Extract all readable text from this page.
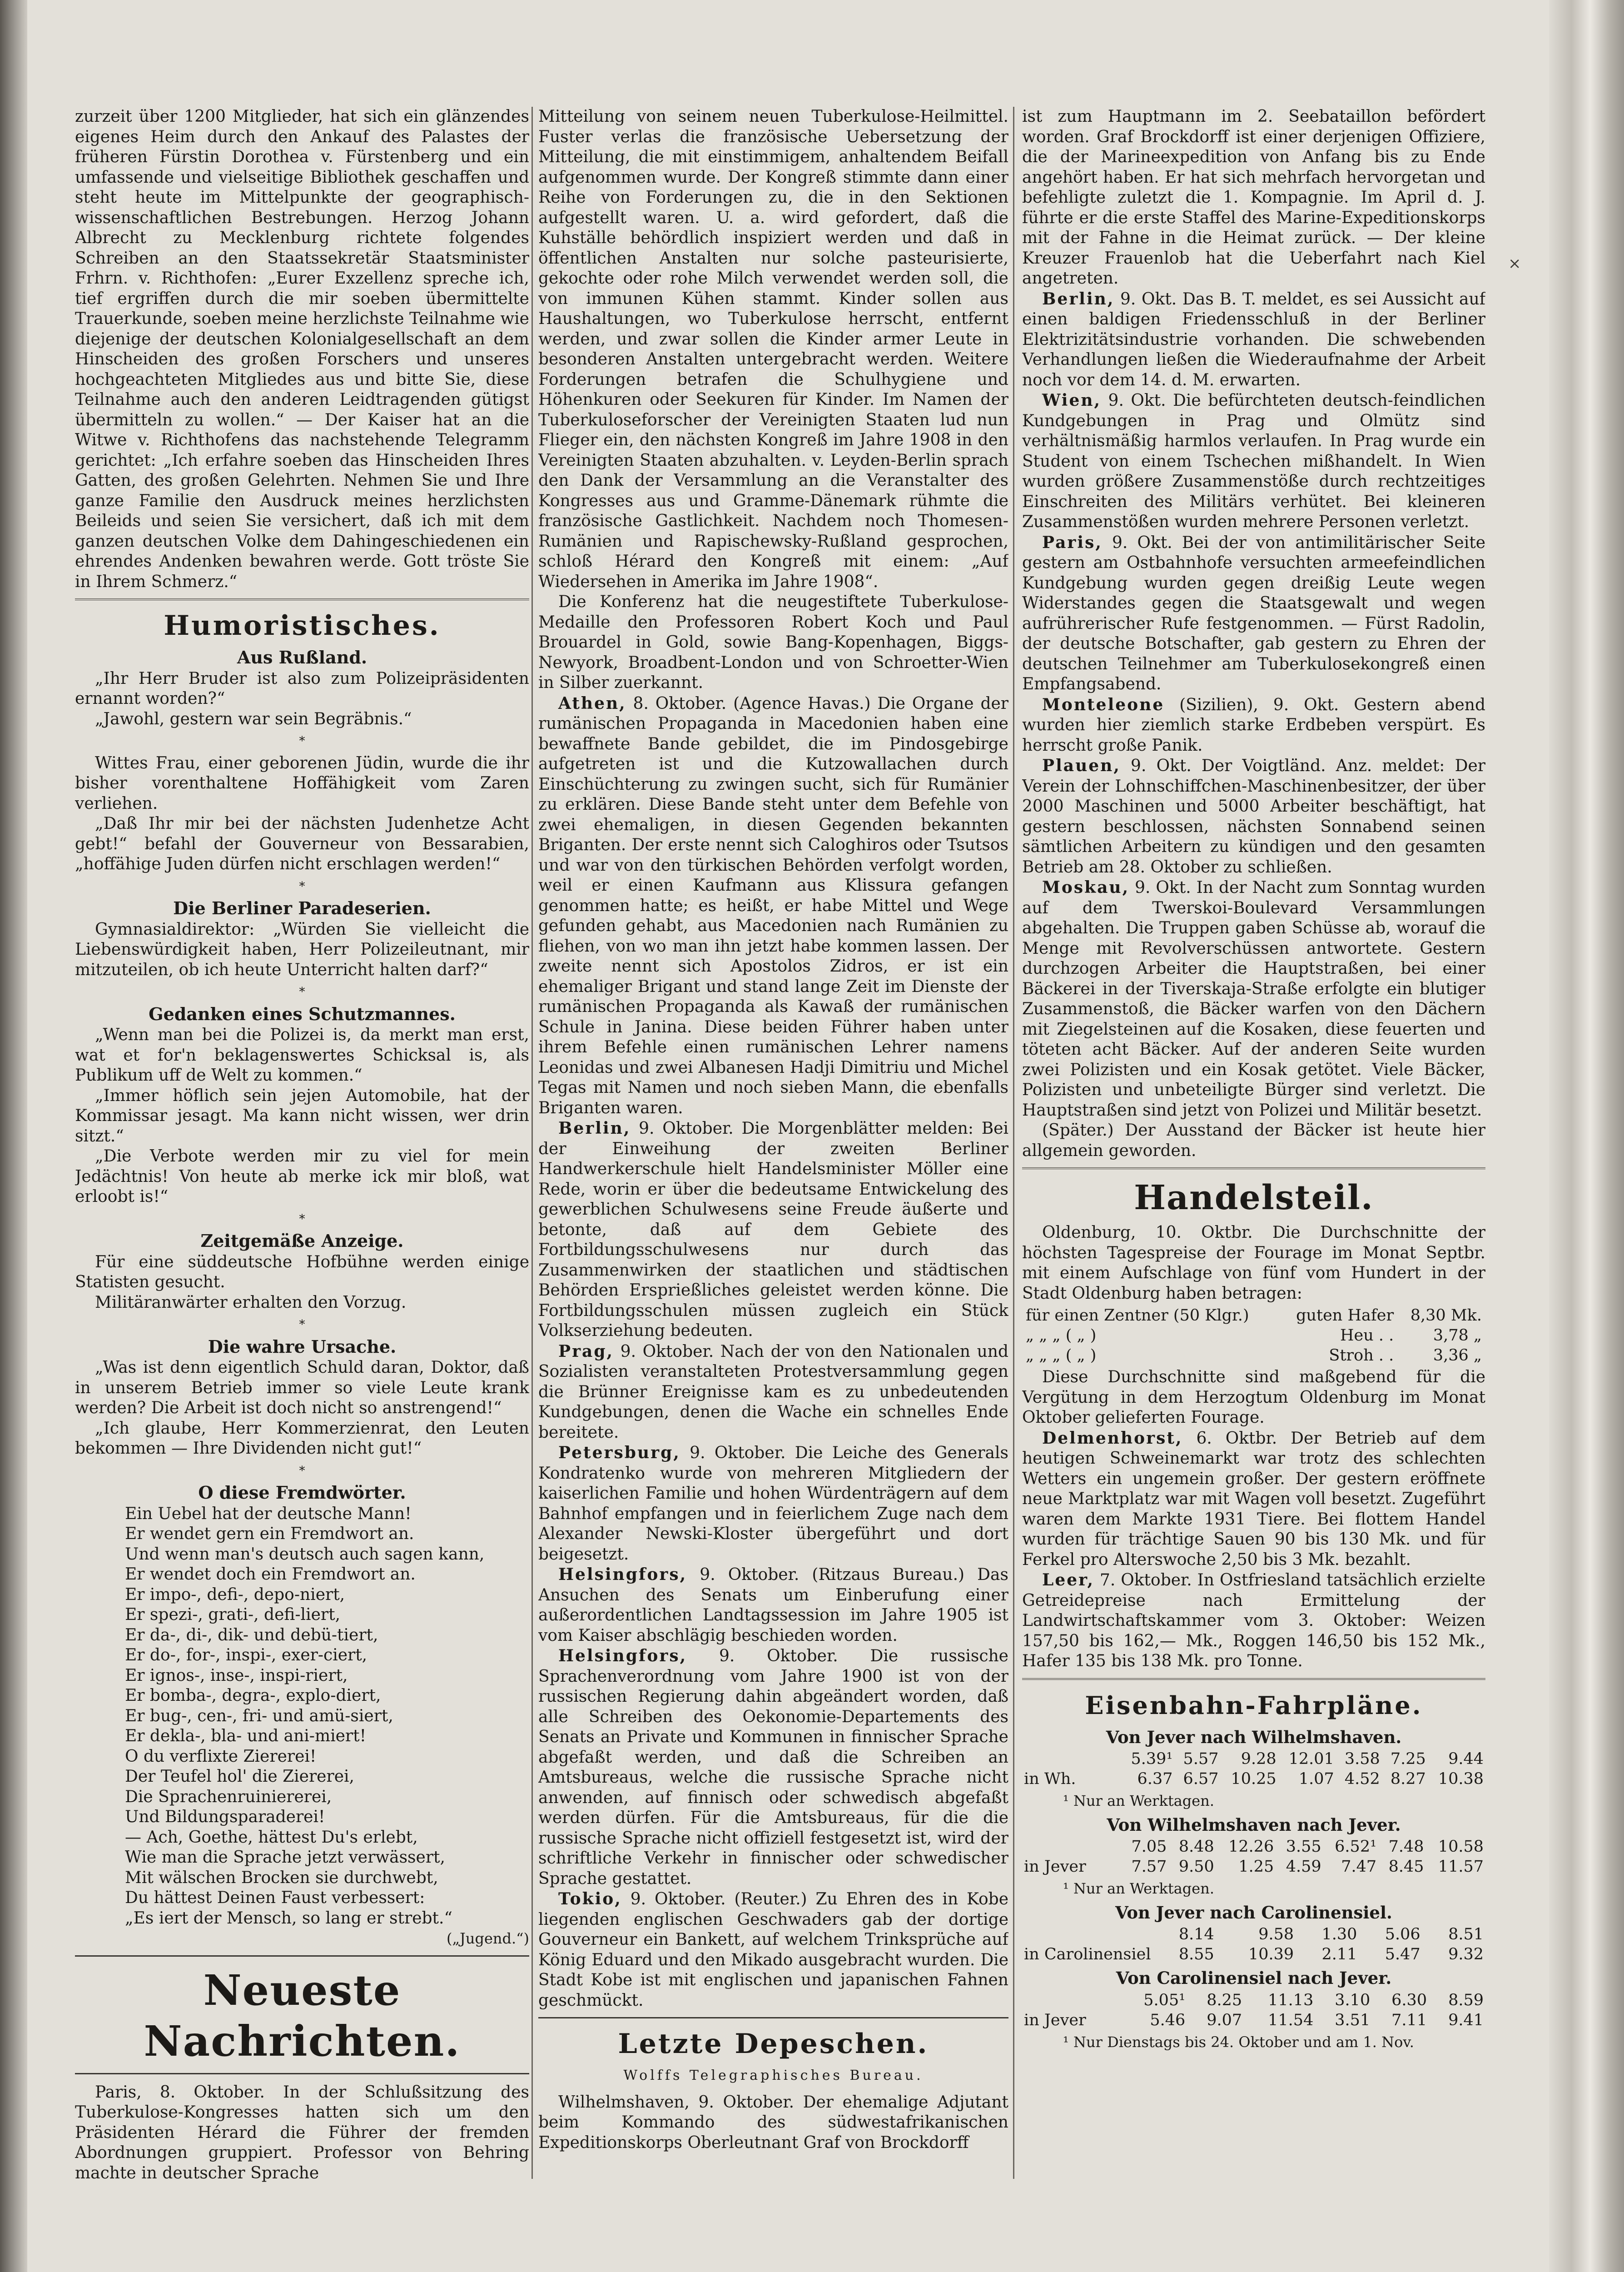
zurzeit über 1200 Mitglieder, hat sich ein glänzendes eigenes Heim durch den Ankauf des Palastes der früheren Fürstin Dorothea v. Fürstenberg und ein umfassende und vielseitige Bibliothek geschaffen und steht heute im Mittelpunkte der geographisch-wissenschaftlichen Bestrebungen. Herzog Johann Albrecht zu Mecklenburg richtete folgendes Schreiben an den Staatssekretär Staatsminister Frhrn. v. Richthofen: „Eurer Exzellenz spreche ich, tief ergriffen durch die mir soeben übermittelte Trauerkunde, soeben meine herzlichste Teilnahme wie diejenige der deutschen Kolonialgesellschaft an dem Hinscheiden des großen Forschers und unseres hochgeachteten Mitgliedes aus und bitte Sie, diese Teilnahme auch den anderen Leidtragenden gütigst übermitteln zu wollen.“ — Der Kaiser hat an die Witwe v. Richthofens das nachstehende Telegramm gerichtet: „Ich erfahre soeben das Hinscheiden Ihres Gatten, des großen Gelehrten. Nehmen Sie und Ihre ganze Familie den Ausdruck meines herzlichsten Beileids und seien Sie versichert, daß ich mit dem ganzen deutschen Volke dem Dahingeschiedenen ein ehrendes Andenken bewahren werde. Gott tröste Sie in Ihrem Schmerz.“

Humoristisches.
Aus Rußland.

„Ihr Herr Bruder ist also zum Polizeipräsidenten ernannt worden?“

„Jawohl, gestern war sein Begräbnis.“

*

Wittes Frau, einer geborenen Jüdin, wurde die ihr bisher vorenthaltene Hoffähigkeit vom Zaren verliehen.

„Daß Ihr mir bei der nächsten Judenhetze Acht gebt!“ befahl der Gouverneur von Bessarabien, „hoffähige Juden dürfen nicht erschlagen werden!“

*
Die Berliner Paradeserien.

Gymnasialdirektor: „Würden Sie vielleicht die Liebenswürdigkeit haben, Herr Polizeileutnant, mir mitzuteilen, ob ich heute Unterricht halten darf?“

*
Gedanken eines Schutzmannes.

„Wenn man bei die Polizei is, da merkt man erst, wat et for'n beklagenswertes Schicksal is, als Publikum uff de Welt zu kommen.“

„Immer höflich sein jejen Automobile, hat der Kommissar jesagt. Ma kann nicht wissen, wer drin sitzt.“

„Die Verbote werden mir zu viel for mein Jedächtnis! Von heute ab merke ick mir bloß, wat erloobt is!“

*
Zeitgemäße Anzeige.

Für eine süddeutsche Hofbühne werden einige Statisten gesucht.

Militäranwärter erhalten den Vorzug.

*
Die wahre Ursache.

„Was ist denn eigentlich Schuld daran, Doktor, daß in unserem Betrieb immer so viele Leute krank werden? Die Arbeit ist doch nicht so anstrengend!“

„Ich glaube, Herr Kommerzienrat, den Leuten bekommen — Ihre Dividenden nicht gut!“

*
O diese Fremdwörter.
Ein Uebel hat der deutsche Mann!
Er wendet gern ein Fremdwort an.
Und wenn man's deutsch auch sagen kann,
Er wendet doch ein Fremdwort an.
Er impo-, defi-, depo-niert,
Er spezi-, grati-, defi-liert,
Er da-, di-, dik- und debü-tiert,
Er do-, for-, inspi-, exer-ciert,
Er ignos-, inse-, inspi-riert,
Er bomba-, degra-, explo-diert,
Er bug-, cen-, fri- und amü-siert,
Er dekla-, bla- und ani-miert!
O du verflixte Ziererei!
Der Teufel hol' die Ziererei,
Die Sprachenruiniererei,
Und Bildungsparaderei!
— Ach, Goethe, hättest Du's erlebt,
Wie man die Sprache jetzt verwässert,
Mit wälschen Brocken sie durchwebt,
Du hättest Deinen Faust verbessert:
„Es iert der Mensch, so lang er strebt.“
(„Jugend.“)
Neueste Nachrichten.

Paris, 8. Oktober. In der Schlußsitzung des Tuberkulose-Kongresses hatten sich um den Präsidenten Hérard die Führer der fremden Abordnungen gruppiert. Professor von Behring machte in deutscher Sprache

Mitteilung von seinem neuen Tuberkulose-Heilmittel. Fuster verlas die französische Uebersetzung der Mitteilung, die mit einstimmigem, anhaltendem Beifall aufgenommen wurde. Der Kongreß stimmte dann einer Reihe von Forderungen zu, die in den Sektionen aufgestellt waren. U. a. wird gefordert, daß die Kuhställe behördlich inspiziert werden und daß in öffentlichen Anstalten nur solche pasteurisierte, gekochte oder rohe Milch verwendet werden soll, die von immunen Kühen stammt. Kinder sollen aus Haushaltungen, wo Tuberkulose herrscht, entfernt werden, und zwar sollen die Kinder armer Leute in besonderen Anstalten untergebracht werden. Weitere Forderungen betrafen die Schulhygiene und Höhenkuren oder Seekuren für Kinder. Im Namen der Tuberkuloseforscher der Vereinigten Staaten lud nun Flieger ein, den nächsten Kongreß im Jahre 1908 in den Vereinigten Staaten abzuhalten. v. Leyden-Berlin sprach den Dank der Versammlung an die Veranstalter des Kongresses aus und Gramme-Dänemark rühmte die französische Gastlichkeit. Nachdem noch Thomesen-Rumänien und Rapischewsky-Rußland gesprochen, schloß Hérard den Kongreß mit einem: „Auf Wiedersehen in Amerika im Jahre 1908“.

Die Konferenz hat die neugestiftete Tuberkulose-Medaille den Professoren Robert Koch und Paul Brouardel in Gold, sowie Bang-Kopenhagen, Biggs-Newyork, Broadbent-London und von Schroetter-Wien in Silber zuerkannt.

Athen, 8. Oktober. (Agence Havas.) Die Organe der rumänischen Propaganda in Macedonien haben eine bewaffnete Bande gebildet, die im Pindosgebirge aufgetreten ist und die Kutzowallachen durch Einschüchterung zu zwingen sucht, sich für Rumänier zu erklären. Diese Bande steht unter dem Befehle von zwei ehemaligen, in diesen Gegenden bekannten Briganten. Der erste nennt sich Caloghiros oder Tsutsos und war von den türkischen Behörden verfolgt worden, weil er einen Kaufmann aus Klissura gefangen genommen hatte; es heißt, er habe Mittel und Wege gefunden gehabt, aus Macedonien nach Rumänien zu fliehen, von wo man ihn jetzt habe kommen lassen. Der zweite nennt sich Apostolos Zidros, er ist ein ehemaliger Brigant und stand lange Zeit im Dienste der rumänischen Propaganda als Kawaß der rumänischen Schule in Janina. Diese beiden Führer haben unter ihrem Befehle einen rumänischen Lehrer namens Leonidas und zwei Albanesen Hadji Dimitriu und Michel Tegas mit Namen und noch sieben Mann, die ebenfalls Briganten waren.

Berlin, 9. Oktober. Die Morgenblätter melden: Bei der Einweihung der zweiten Berliner Handwerkerschule hielt Handelsminister Möller eine Rede, worin er über die bedeutsame Entwickelung des gewerblichen Schulwesens seine Freude äußerte und betonte, daß auf dem Gebiete des Fortbildungsschulwesens nur durch das Zusammenwirken der staatlichen und städtischen Behörden Ersprießliches geleistet werden könne. Die Fortbildungsschulen müssen zugleich ein Stück Volkserziehung bedeuten.

Prag, 9. Oktober. Nach der von den Nationalen und Sozialisten veranstalteten Protestversammlung gegen die Brünner Ereignisse kam es zu unbedeutenden Kundgebungen, denen die Wache ein schnelles Ende bereitete.

Petersburg, 9. Oktober. Die Leiche des Generals Kondratenko wurde von mehreren Mitgliedern der kaiserlichen Familie und hohen Würdenträgern auf dem Bahnhof empfangen und in feierlichem Zuge nach dem Alexander Newski-Kloster übergeführt und dort beigesetzt.

Helsingfors, 9. Oktober. (Ritzaus Bureau.) Das Ansuchen des Senats um Einberufung einer außerordentlichen Landtagssession im Jahre 1905 ist vom Kaiser abschlägig beschieden worden.

Helsingfors, 9. Oktober. Die russische Sprachenverordnung vom Jahre 1900 ist von der russischen Regierung dahin abgeändert worden, daß alle Schreiben des Oekonomie-Departements des Senats an Private und Kommunen in finnischer Sprache abgefaßt werden, und daß die Schreiben an Amtsbureaus, welche die russische Sprache nicht anwenden, auf finnisch oder schwedisch abgefaßt werden dürfen. Für die Amtsbureaus, für die die russische Sprache nicht offiziell festgesetzt ist, wird der schriftliche Verkehr in finnischer oder schwedischer Sprache gestattet.

Tokio, 9. Oktober. (Reuter.) Zu Ehren des in Kobe liegenden englischen Geschwaders gab der dortige Gouverneur ein Bankett, auf welchem Trinksprüche auf König Eduard und den Mikado ausgebracht wurden. Die Stadt Kobe ist mit englischen und japanischen Fahnen geschmückt.

Letzte Depeschen.
Wolffs Telegraphisches Bureau.

Wilhelmshaven, 9. Oktober. Der ehemalige Adjutant beim Kommando des südwestafrikanischen Expeditionskorps Oberleutnant Graf von Brockdorff

ist zum Hauptmann im 2. Seebataillon befördert worden. Graf Brockdorff ist einer derjenigen Offiziere, die der Marineexpedition von Anfang bis zu Ende angehört haben. Er hat sich mehrfach hervorgetan und befehligte zuletzt die 1. Kompagnie. Im April d. J. führte er die erste Staffel des Marine-Expeditionskorps mit der Fahne in die Heimat zurück. — Der kleine Kreuzer Frauenlob hat die Ueberfahrt nach Kiel angetreten.

Berlin, 9. Okt. Das B. T. meldet, es sei Aussicht auf einen baldigen Friedensschluß in der Berliner Elektrizitätsindustrie vorhanden. Die schwebenden Verhandlungen ließen die Wiederaufnahme der Arbeit noch vor dem 14. d. M. erwarten.

Wien, 9. Okt. Die befürchteten deutsch-feindlichen Kundgebungen in Prag und Olmütz sind verhältnismäßig harmlos verlaufen. In Prag wurde ein Student von einem Tschechen mißhandelt. In Wien wurden größere Zusammenstöße durch rechtzeitiges Einschreiten des Militärs verhütet. Bei kleineren Zusammenstößen wurden mehrere Personen verletzt.

Paris, 9. Okt. Bei der von antimilitärischer Seite gestern am Ostbahnhofe versuchten armeefeindlichen Kundgebung wurden gegen dreißig Leute wegen Widerstandes gegen die Staatsgewalt und wegen aufrührerischer Rufe festgenommen. — Fürst Radolin, der deutsche Botschafter, gab gestern zu Ehren der deutschen Teilnehmer am Tuberkulosekongreß einen Empfangsabend.

Monteleone (Sizilien), 9. Okt. Gestern abend wurden hier ziemlich starke Erdbeben verspürt. Es herrscht große Panik.

Plauen, 9. Okt. Der Voigtländ. Anz. meldet: Der Verein der Lohnschiffchen-Maschinenbesitzer, der über 2000 Maschinen und 5000 Arbeiter beschäftigt, hat gestern beschlossen, nächsten Sonnabend seinen sämtlichen Arbeitern zu kündigen und den gesamten Betrieb am 28. Oktober zu schließen.

Moskau, 9. Okt. In der Nacht zum Sonntag wurden auf dem Twerskoi-Boulevard Versammlungen abgehalten. Die Truppen gaben Schüsse ab, worauf die Menge mit Revolverschüssen antwortete. Gestern durchzogen Arbeiter die Hauptstraßen, bei einer Bäckerei in der Tiverskaja-Straße erfolgte ein blutiger Zusammenstoß, die Bäcker warfen von den Dächern mit Ziegelsteinen auf die Kosaken, diese feuerten und töteten acht Bäcker. Auf der anderen Seite wurden zwei Polizisten und ein Kosak getötet. Viele Bäcker, Polizisten und unbeteiligte Bürger sind verletzt. Die Hauptstraßen sind jetzt von Polizei und Militär besetzt.

(Später.) Der Ausstand der Bäcker ist heute hier allgemein geworden.

Handelsteil.

Oldenburg, 10. Oktbr. Die Durchschnitte der höchsten Tagespreise der Fourage im Monat Septbr. mit einem Aufschlage von fünf vom Hundert in der Stadt Oldenburg haben betragen:

für einen Zentner (50 Klgr.)	guten Hafer	8,30 Mk.
„ „ „ ( „ )	Heu . .	3,78 „
„ „ „ ( „ )	Stroh . .	3,36 „

Diese Durchschnitte sind maßgebend für die Vergütung in dem Herzogtum Oldenburg im Monat Oktober gelieferten Fourage.

Delmenhorst, 6. Oktbr. Der Betrieb auf dem heutigen Schweinemarkt war trotz des schlechten Wetters ein ungemein großer. Der gestern eröffnete neue Marktplatz war mit Wagen voll besetzt. Zugeführt waren dem Markte 1931 Tiere. Bei flottem Handel wurden für trächtige Sauen 90 bis 130 Mk. und für Ferkel pro Alterswoche 2,50 bis 3 Mk. bezahlt.

Leer, 7. Oktober. In Ostfriesland tatsächlich erzielte Getreidepreise nach Ermittelung der Landwirtschaftskammer vom 3. Oktober: Weizen 157,50 bis 162,— Mk., Roggen 146,50 bis 152 Mk., Hafer 135 bis 138 Mk. pro Tonne.

Eisenbahn-Fahrpläne.
Von Jever nach Wilhelmshaven.
	5.39¹	5.57	9.28	12.01	3.58	7.25	9.44
in Wh.	6.37	6.57	10.25	1.07	4.52	8.27	10.38
¹ Nur an Werktagen.
Von Wilhelmshaven nach Jever.
	7.05	8.48	12.26	3.55	6.52¹	7.48	10.58
in Jever	7.57	9.50	1.25	4.59	7.47	8.45	11.57
¹ Nur an Werktagen.
Von Jever nach Carolinensiel.
	8.14	9.58	1.30	5.06	8.51
in Carolinensiel	8.55	10.39	2.11	5.47	9.32
Von Carolinensiel nach Jever.
	5.05¹	8.25	11.13	3.10	6.30	8.59
in Jever	5.46	9.07	11.54	3.51	7.11	9.41
¹ Nur Dienstags bis 24. Oktober und am 1. Nov.
×
